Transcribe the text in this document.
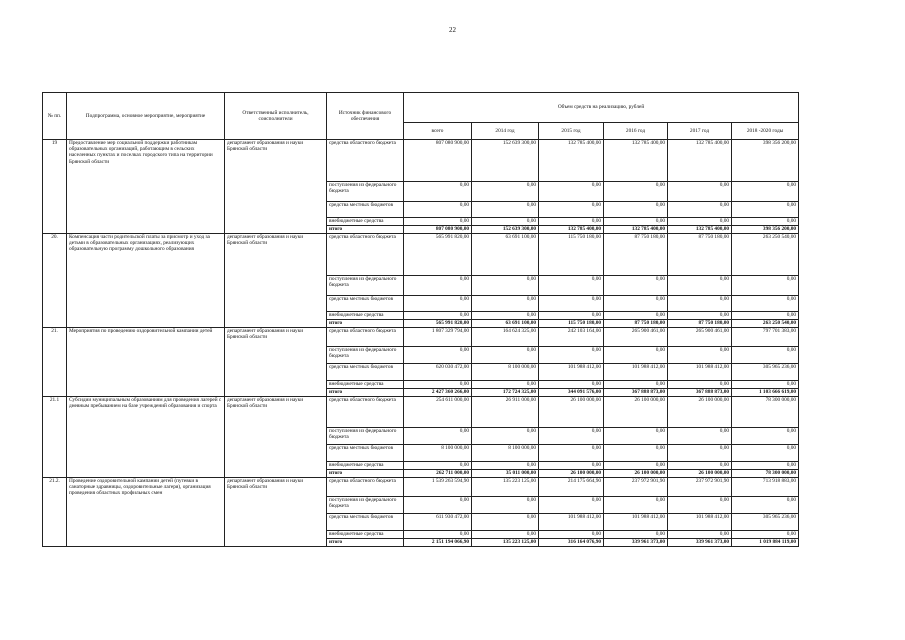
22
№ пп.	Подпрограмма, основное мероприятие, мероприятие	Ответственный исполнитель, соисполнители	Источник финансового обеспечения	Объем средств на реализацию, рублей					
				всего	2014 год	2015 год	2016 год	2017 год	2018 -2020 годы
19	Предоставление мер социальной поддержки работникам образовательных организаций, работающим в сельских населенных пунктах и поселках городского типа на территории Брянской области	департамент образования и науки Брянской области	средства областного бюджета	807 080 900,00	152 639 300,00	132 785 400,00	132 785 400,00	132 785 400,00	398 356 200,00
			поступления из федерального бюджета	0,00	0,00	0,00	0,00	0,00	0,00
			средства местных бюджетов	0,00	0,00	0,00	0,00	0,00	0,00
			внебюджетные средства	0,00	0,00	0,00	0,00	0,00	0,00
			итого	807 080 900,00	152 639 300,00	132 785 400,00	132 785 400,00	132 785 400,00	398 356 200,00
20.	Компенсация части родительской платы за присмотр и уход за детьми в образовательных организациях, реализующих образовательную программу дошкольного образования	департамент образования и науки Брянской области	средства областного бюджета	565 991 820,00	63 691 100,00	115 750 180,00	87 750 180,00	87 750 180,00	263 250 540,00
			поступления из федерального бюджета	0,00	0,00	0,00	0,00	0,00	0,00
			средства местных бюджетов	0,00	0,00	0,00	0,00	0,00	0,00
			внебюджетные средства	0,00	0,00	0,00	0,00	0,00	0,00
			итого	565 991 820,00	63 691 100,00	115 750 180,00	87 750 180,00	87 750 180,00	263 250 540,00
21.	Мероприятия по проведению оздоровительной кампании детей	департамент образования и науки Брянской области	средства областного бюджета	1 807 329 794,00	164 624 325,00	242 103 164,00	265 900 461,00	265 900 461,00	797 701 383,00
			поступления из федерального бюджета	0,00	0,00	0,00	0,00	0,00	0,00
			средства местных бюджетов	620 030 472,00	8 100 000,00	101 988 412,00	101 988 412,00	101 988 412,00	305 965 236,00
			внебюджетные средства	0,00	0,00	0,00	0,00	0,00	0,00
			итого	2 427 360 266,00	172 724 325,00	344 091 576,00	367 888 873,00	367 888 873,00	1 103 666 619,00
21.1	Субсидии муниципальным образованиям для проведения лагерей с дневным пребыванием на базе учреждений образования и спорта	департамент образования и науки Брянской области	средства областного бюджета	254 611 000,00	26 911 000,00	26 100 000,00	26 100 000,00	26 100 000,00	78 300 000,00
			поступления из федерального бюджета	0,00	0,00	0,00	0,00	0,00	0,00
			средства местных бюджетов	8 100 000,00	8 100 000,00	0,00	0,00	0,00	0,00
			внебюджетные средства	0,00	0,00	0,00	0,00	0,00	0,00
			итого	262 711 000,00	35 011 000,00	26 100 000,00	26 100 000,00	26 100 000,00	78 300 000,00
21.2.	Проведение оздоровительной кампании детей (путевки в санаторные здравницы, оздоровительные лагеря), организация проведения областных профильных смен	департамент образования и науки Брянской области	средства областного бюджета	1 539 263 594,90	135 223 125,00	214 175 664,90	237 972 901,90	237 972 901,90	713 918 883,00
			поступления из федерального бюджета	0,00	0,00	0,00	0,00	0,00	0,00
			средства местных бюджетов	611 930 472,00	0,00	101 988 412,00	101 988 412,00	101 988 412,00	305 965 236,00
			внебюджетные средства	0,00	0,00	0,00	0,00	0,00	0,00
			итого	2 151 194 066,90	135 223 125,00	316 164 076,90	339 961 373,00	339 961 373,00	1 019 884 119,00
